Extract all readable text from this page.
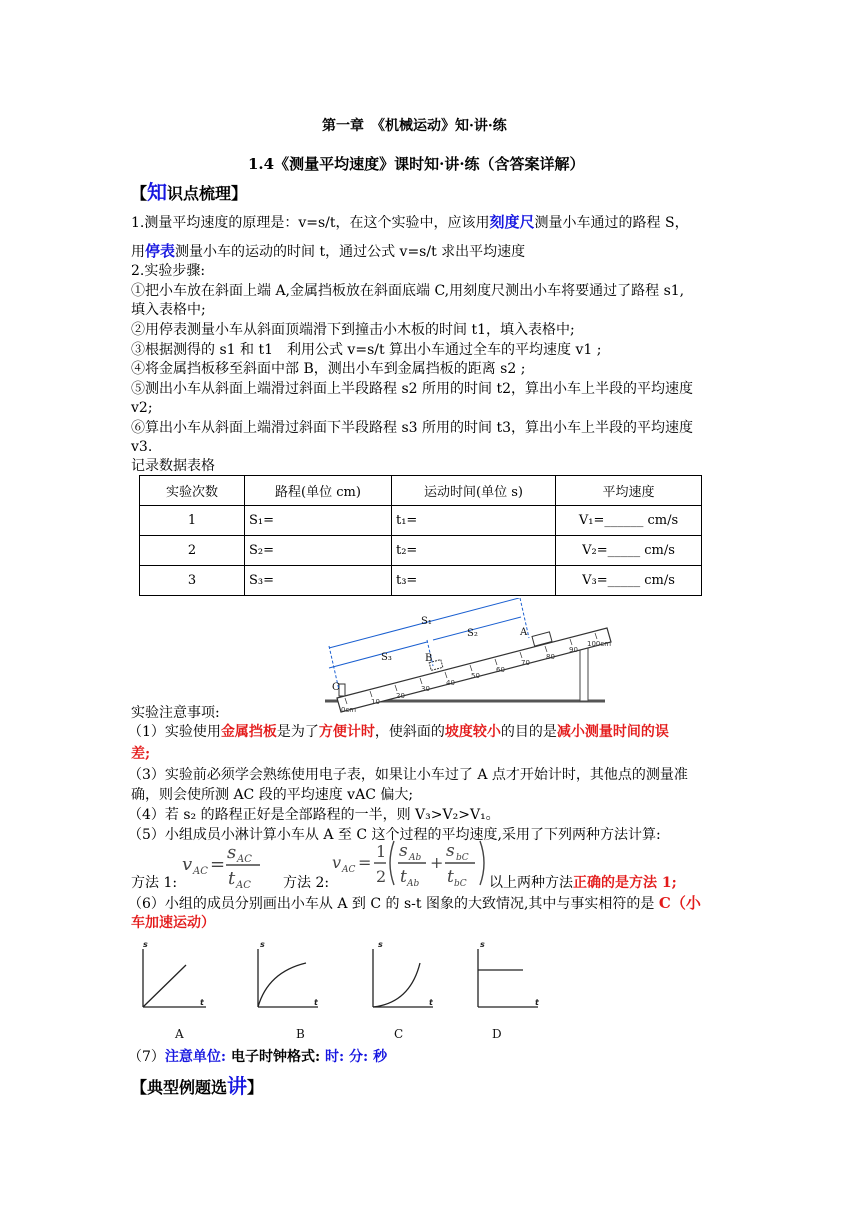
第一章　《机械运动》知·讲·练
1.4《测量平均速度》课时知·讲·练（含答案详解）
【知识点梳理】
1.测量平均速度的原理是：v=s/t，在这个实验中，应该用刻度尺测量小车通过的路程 S，
用停表测量小车的运动的时间 t，通过公式 v=s/t 求出平均速度
2.实验步骤:
①把小车放在斜面上端 A,金属挡板放在斜面底端 C,用刻度尺测出小车将要通过了路程 s1,
填入表格中;
②用停表测量小车从斜面顶端滑下到撞击小木板的时间 t1，填入表格中;
③根据测得的 s1 和 t1　利用公式 v=s/t 算出小车通过全车的平均速度 v1 ;
④将金属挡板移至斜面中部 B，测出小车到金属挡板的距离 s2 ;
⑤测出小车从斜面上端滑过斜面上半段路程 s2 所用的时间 t2，算出小车上半段的平均速度
v2;
⑥算出小车从斜面上端滑过斜面下半段路程 s3 所用的时间 t3，算出小车上半段的平均速度
v3.
记录数据表格
实验次数	路程(单位 cm)	运动时间(单位 s)	平均速度
1	S₁=	t₁=	V₁=______ cm/s
2	S₂=	t₂=	V₂=_____ cm/s
3	S₃=	t₃=	V₃=_____ cm/s
0cm
10
20
30
40
50
60
70
80
90
100cm
S₁
S₂
S₃
A
B
C
实验注意事项:
（1）实验使用金属挡板是为了方便计时，使斜面的坡度较小的目的是减小测量时间的误
差;
（3）实验前必须学会熟练使用电子表，如果让小车过了 A 点才开始计时，其他点的测量准
确，则会使所测 AC 段的平均速度 vAC 偏大;
（4）若 s₂ 的路程正好是全部路程的一半，则 V₃>V₂>V₁。
（5）小组成员小淋计算小车从 A 至 C 这个过程的平均速度,采用了下列两种方法计算:
方法 1:
v AC =
s AC
t AC 方法 2:
v AC =
1
2
s Ab
t Ab
+
s bC
t bC 以上两种方法正确的是方法 1;
（6）小组的成员分别画出小车从 A 到 C 的 s-t 图象的大致情况,其中与事实相符的是 C（小
车加速运动）
s
t
s
t
s
t
s
t
A	B	C	D
（7）注意单位: 电子时钟格式: 时: 分: 秒
【典型例题选讲】
